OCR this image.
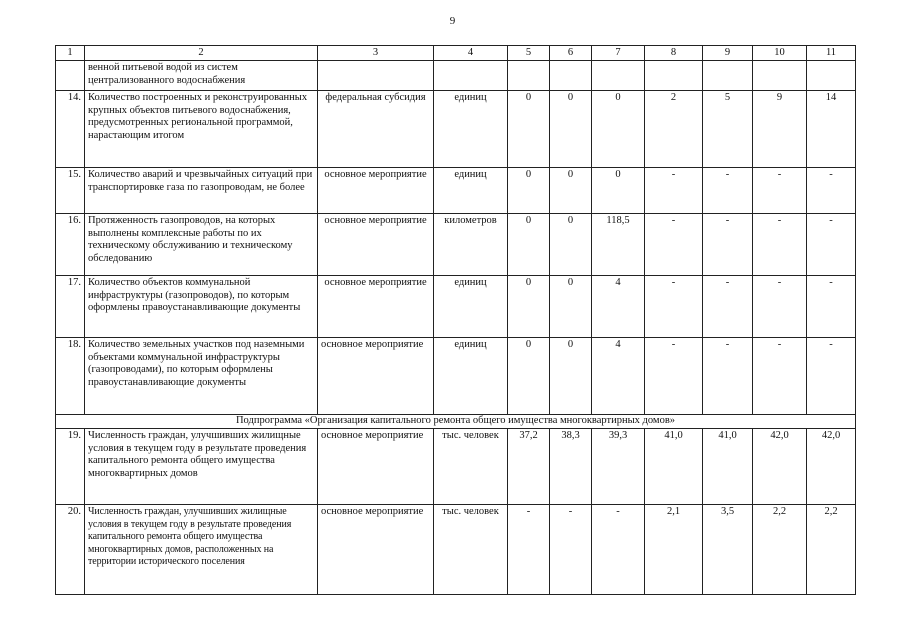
9
1	2	3	4	5	6	7	8	9	10	11
	венной питьевой водой из систем централизованного водоснабжения									
14.	Количество построенных и реконструированных крупных объектов питьевого водоснабжения, предусмотренных региональной программой, нарастающим итогом	федеральная субсидия	единиц	0	0	0	2	5	9	14
15.	Количество аварий и чрезвычайных ситуаций при транспортировке газа по газопроводам, не более	основное мероприятие	единиц	0	0	0	-	-	-	-
16.	Протяженность газопроводов, на которых выполнены комплексные работы по их техническому обслуживанию и техническому обследованию	основное мероприятие	километров	0	0	118,5	-	-	-	-
17.	Количество объектов коммунальной инфраструктуры (газопроводов), по которым оформлены правоустанавливающие документы	основное мероприятие	единиц	0	0	4	-	-	-	-
18.	Количество земельных участков под наземными объектами коммунальной инфраструктуры (газопроводами), по которым оформлены правоустанавливающие документы	основное мероприятие	единиц	0	0	4	-	-	-	-
Подпрограмма «Организация капитального ремонта общего имущества многоквартирных домов»										
19.	Численность граждан, улучшивших жилищные условия в текущем году в результате проведения капитального ремонта общего имущества многоквартирных домов	основное мероприятие	тыс. человек	37,2	38,3	39,3	41,0	41,0	42,0	42,0
20.	Численность граждан, улучшивших жилищные условия в текущем году в результате проведения капитального ремонта общего имущества многоквартирных домов, расположенных на территории исторического поселения	основное мероприятие	тыс. человек	-	-	-	2,1	3,5	2,2	2,2
